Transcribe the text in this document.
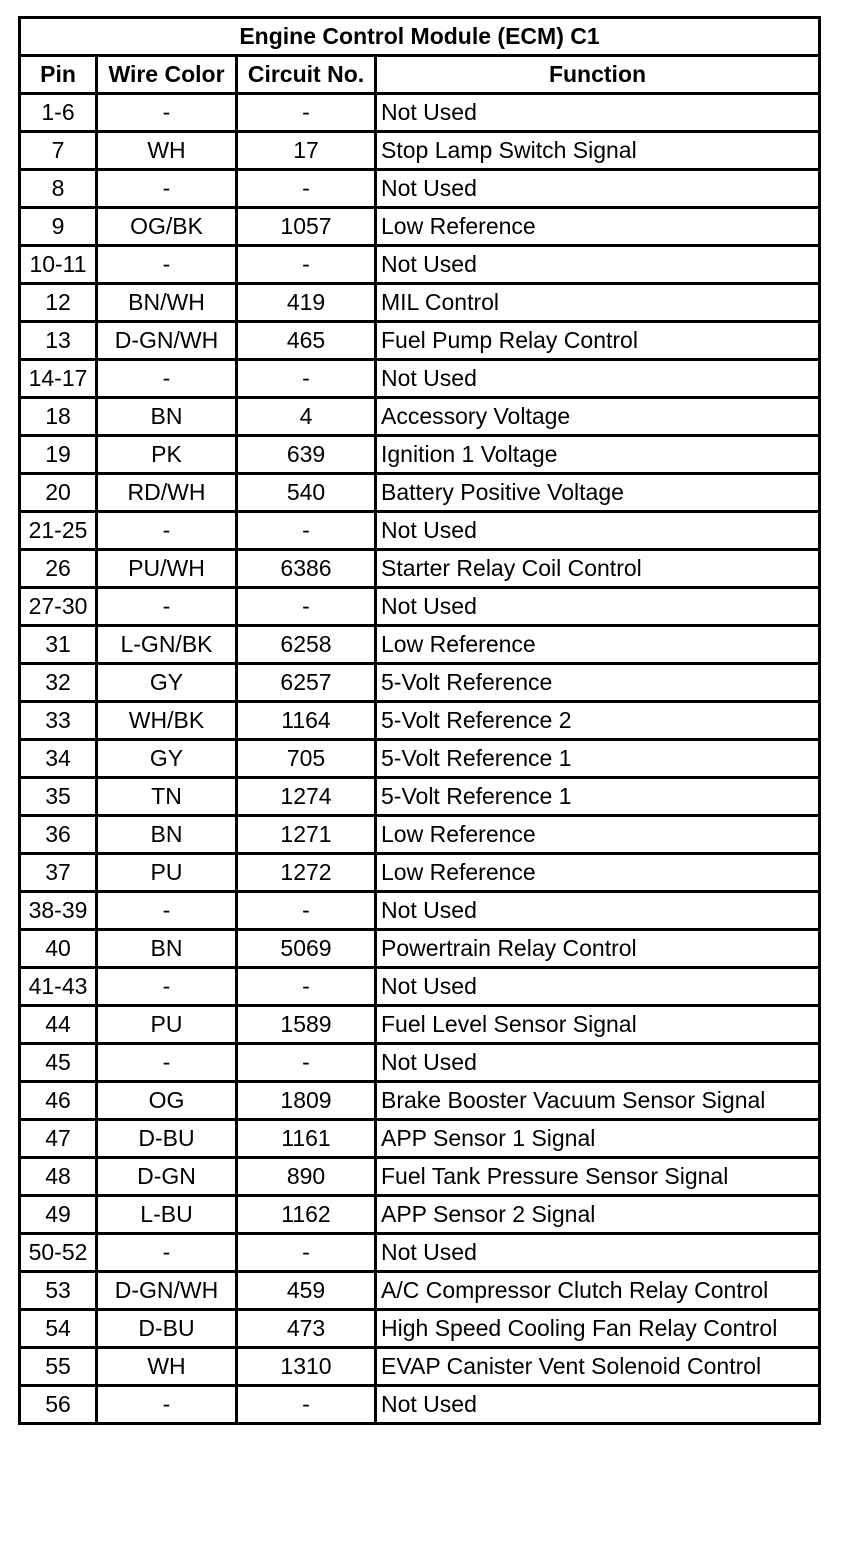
Engine Control Module (ECM) C1			
Pin	Wire Color	Circuit No.	Function
1-6	-	-	Not Used
7	WH	17	Stop Lamp Switch Signal
8	-	-	Not Used
9	OG/BK	1057	Low Reference
10-11	-	-	Not Used
12	BN/WH	419	MIL Control
13	D-GN/WH	465	Fuel Pump Relay Control
14-17	-	-	Not Used
18	BN	4	Accessory Voltage
19	PK	639	Ignition 1 Voltage
20	RD/WH	540	Battery Positive Voltage
21-25	-	-	Not Used
26	PU/WH	6386	Starter Relay Coil Control
27-30	-	-	Not Used
31	L-GN/BK	6258	Low Reference
32	GY	6257	5-Volt Reference
33	WH/BK	1164	5-Volt Reference 2
34	GY	705	5-Volt Reference 1
35	TN	1274	5-Volt Reference 1
36	BN	1271	Low Reference
37	PU	1272	Low Reference
38-39	-	-	Not Used
40	BN	5069	Powertrain Relay Control
41-43	-	-	Not Used
44	PU	1589	Fuel Level Sensor Signal
45	-	-	Not Used
46	OG	1809	Brake Booster Vacuum Sensor Signal
47	D-BU	1161	APP Sensor 1 Signal
48	D-GN	890	Fuel Tank Pressure Sensor Signal
49	L-BU	1162	APP Sensor 2 Signal
50-52	-	-	Not Used
53	D-GN/WH	459	A/C Compressor Clutch Relay Control
54	D-BU	473	High Speed Cooling Fan Relay Control
55	WH	1310	EVAP Canister Vent Solenoid Control
56	-	-	Not Used
